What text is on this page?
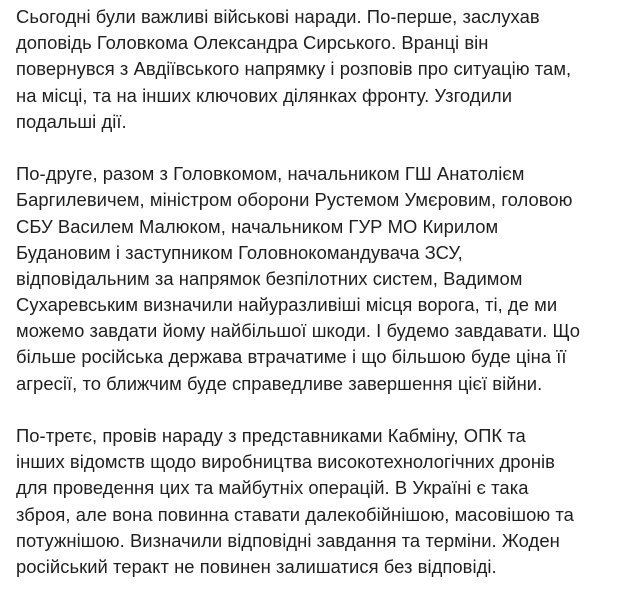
Сьогодні були важливі військові наради. По-перше, заслухав
доповідь Головкома Олександра Сирського. Вранці він
повернувся з Авдіївського напрямку і розповів про ситуацію там,
на місці, та на інших ключових ділянках фронту. Узгодили
подальші дії.
По-друге, разом з Головкомом, начальником ГШ Анатолієм
Баргилевичем, міністром оборони Рустемом Умєровим, головою
СБУ Василем Малюком, начальником ГУР МО Кирилом
Будановим і заступником Головнокомандувача ЗСУ,
відповідальним за напрямок безпілотних систем, Вадимом
Сухаревським визначили найуразливіші місця ворога, ті, де ми
можемо завдати йому найбільшої шкоди. І будемо завдавати. Що
більше російська держава втрачатиме і що більшою буде ціна її
агресії, то ближчим буде справедливе завершення цієї війни.
По-третє, провів нараду з представниками Кабміну, ОПК та
інших відомств щодо виробництва високотехнологічних дронів
для проведення цих та майбутніх операцій. В Україні є така
зброя, але вона повинна ставати далекобійнішою, масовішою та
потужнішою. Визначили відповідні завдання та терміни. Жоден
російський теракт не повинен залишатися без відповіді.
